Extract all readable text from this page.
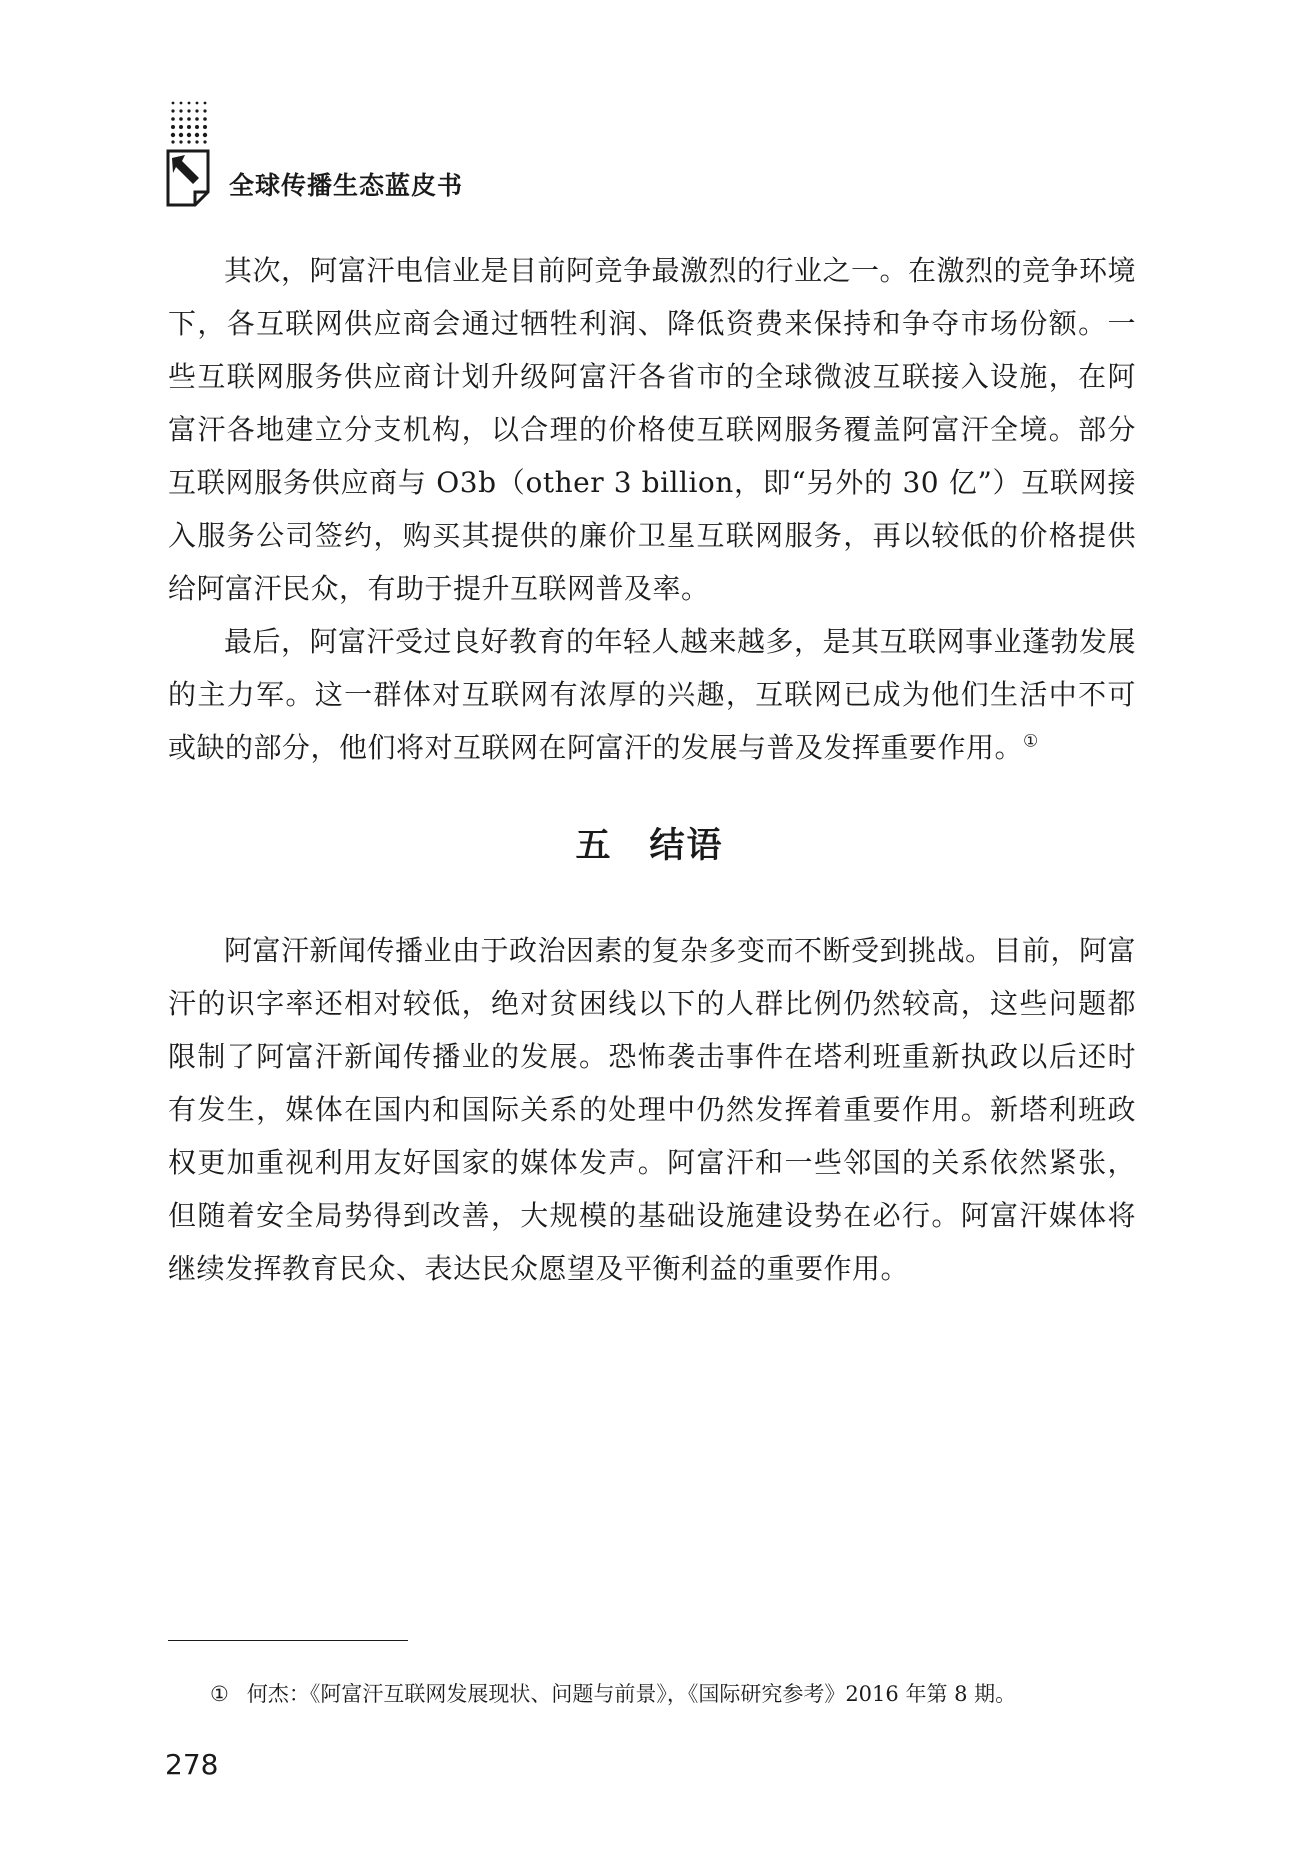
全球传播生态蓝皮书

其次，阿富汗电信业是目前阿竞争最激烈的行业之一。在激烈的竞争环境下，各互联网供应商会通过牺牲利润、降低资费来保持和争夺市场份额。一些互联网服务供应商计划升级阿富汗各省市的全球微波互联接入设施，在阿富汗各地建立分支机构，以合理的价格使互联网服务覆盖阿富汗全境。部分互联网服务供应商与 O3b（other 3 billion，即“另外的 30 亿”）互联网接入服务公司签约，购买其提供的廉价卫星互联网服务，再以较低的价格提供给阿富汗民众，有助于提升互联网普及率。

最后，阿富汗受过良好教育的年轻人越来越多，是其互联网事业蓬勃发展的主力军。这一群体对互联网有浓厚的兴趣，互联网已成为他们生活中不可或缺的部分，他们将对互联网在阿富汗的发展与普及发挥重要作用。①

五　结语

阿富汗新闻传播业由于政治因素的复杂多变而不断受到挑战。目前，阿富汗的识字率还相对较低，绝对贫困线以下的人群比例仍然较高，这些问题都限制了阿富汗新闻传播业的发展。恐怖袭击事件在塔利班重新执政以后还时有发生，媒体在国内和国际关系的处理中仍然发挥着重要作用。新塔利班政权更加重视利用友好国家的媒体发声。阿富汗和一些邻国的关系依然紧张，但随着安全局势得到改善，大规模的基础设施建设势在必行。阿富汗媒体将继续发挥教育民众、表达民众愿望及平衡利益的重要作用。

① 何杰：《阿富汗互联网发展现状、问题与前景》，《国际研究参考》2016 年第 8 期。
278
